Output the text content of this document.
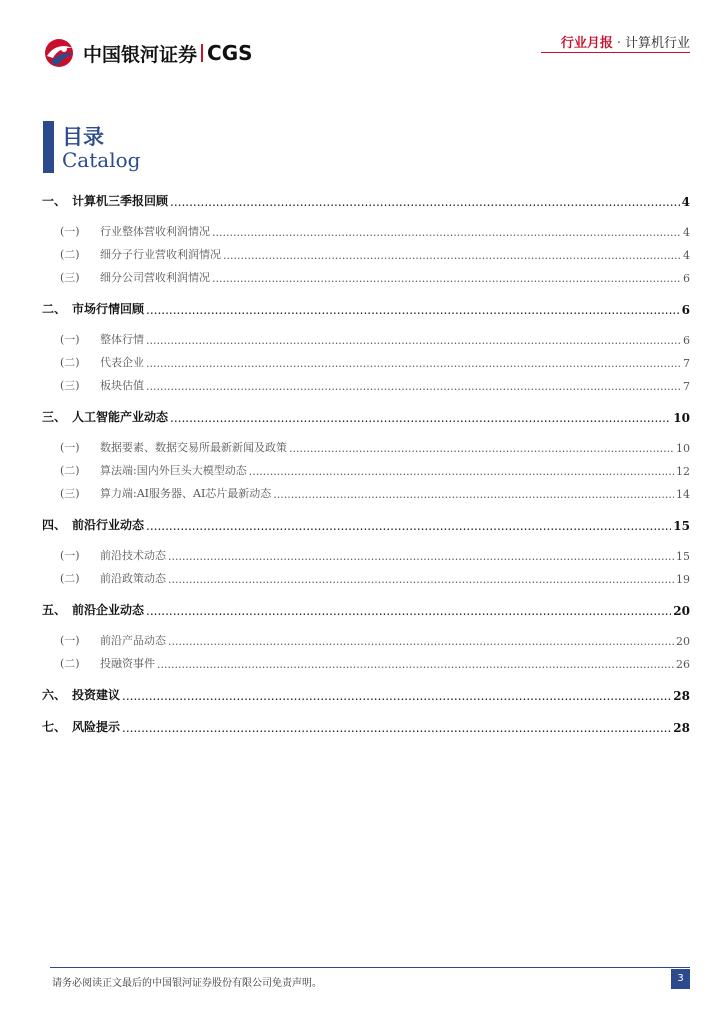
中国银河证券 CGS	行业月报 · 计算机行业
目录
Catalog
一、 计算机三季报回顾 .....	4
(一)	行业整体营收利润情况 .....	4
(二)	细分子行业营收利润情况 .....	4
(三)	细分公司营收利润情况 .....	6
二、 市场行情回顾 .....	6
(一)	整体行情 .....	6
(二)	代表企业 .....	7
(三)	板块估值 .....	7
三、 人工智能产业动态 .....	10
(一)	数据要素、数据交易所最新新闻及政策 .....	10
(二)	算法端:国内外巨头大模型动态 .....	12
(三)	算力端:AI服务器、AI芯片最新动态 .....	14
四、 前沿行业动态 .....	15
(一)	前沿技术动态 .....	15
(二)	前沿政策动态 .....	19
五、 前沿企业动态 .....	20
(一)	前沿产品动态 .....	20
(二)	投融资事件 .....	26
六、 投资建议 .....	28
七、 风险提示 .....	28
请务必阅读正文最后的中国银河证券股份有限公司免责声明。	3
